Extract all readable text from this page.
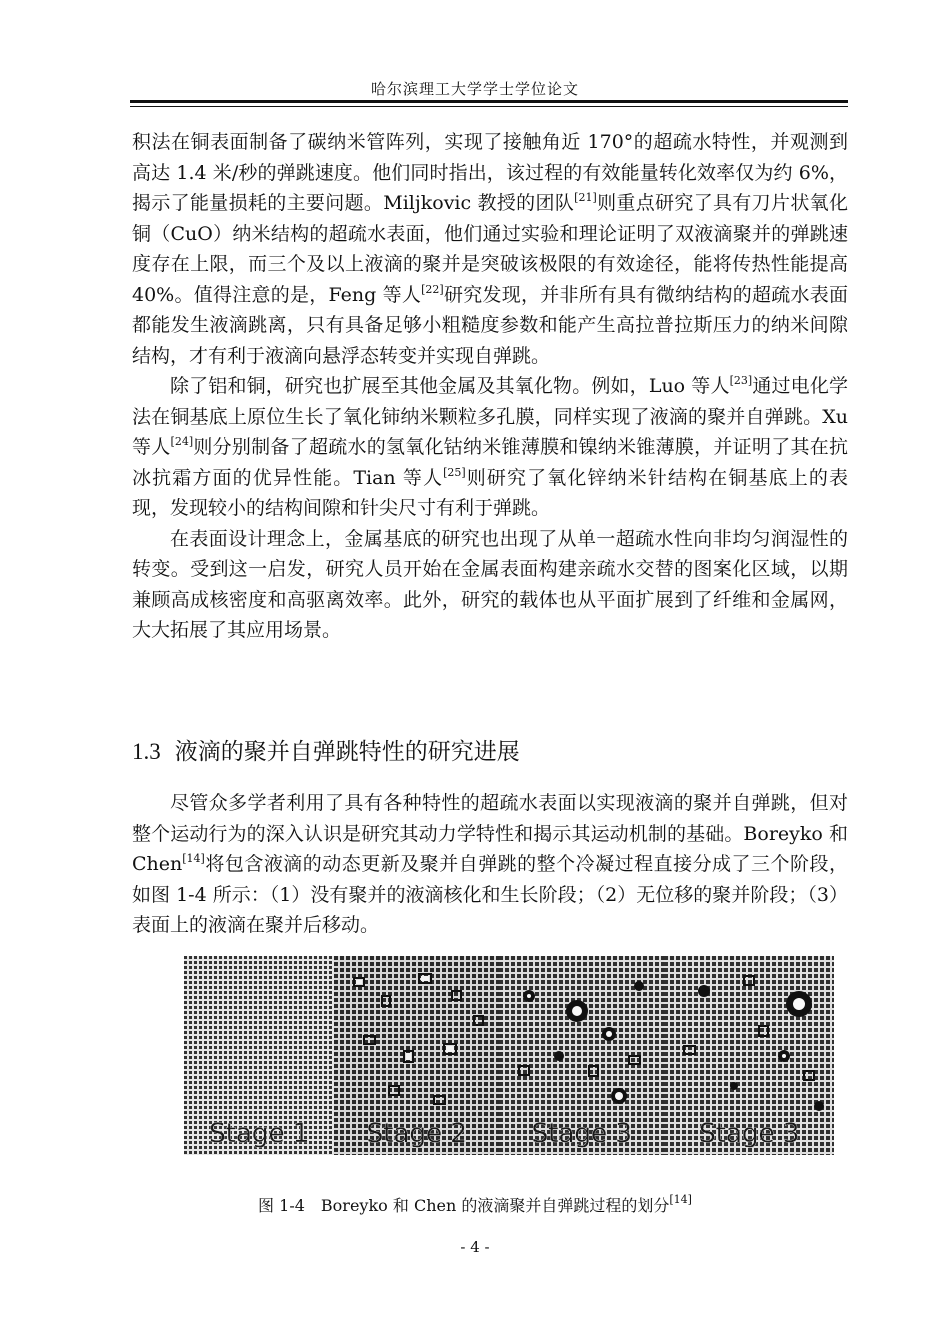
哈尔滨理工大学学士学位论文

积法在铜表面制备了碳纳米管阵列，实现了接触角近 170°的超疏水特性，并观测到高达 1.4 米/秒的弹跳速度。他们同时指出，该过程的有效能量转化效率仅为约 6%，揭示了能量损耗的主要问题。Miljkovic 教授的团队[21]则重点研究了具有刀片状氧化铜（CuO）纳米结构的超疏水表面，他们通过实验和理论证明了双液滴聚并的弹跳速度存在上限，而三个及以上液滴的聚并是突破该极限的有效途径，能将传热性能提高 40%。值得注意的是，Feng 等人[22]研究发现，并非所有具有微纳结构的超疏水表面都能发生液滴跳离，只有具备足够小粗糙度参数和能产生高拉普拉斯压力的纳米间隙结构，才有利于液滴向悬浮态转变并实现自弹跳。

除了铝和铜，研究也扩展至其他金属及其氧化物。例如，Luo 等人[23]通过电化学法在铜基底上原位生长了氧化铈纳米颗粒多孔膜，同样实现了液滴的聚并自弹跳。Xu 等人[24]则分别制备了超疏水的氢氧化钴纳米锥薄膜和镍纳米锥薄膜，并证明了其在抗冰抗霜方面的优异性能。Tian 等人[25]则研究了氧化锌纳米针结构在铜基底上的表现，发现较小的结构间隙和针尖尺寸有利于弹跳。

在表面设计理念上，金属基底的研究也出现了从单一超疏水性向非均匀润湿性的转变。受到这一启发，研究人员开始在金属表面构建亲疏水交替的图案化区域，以期兼顾高成核密度和高驱离效率。此外，研究的载体也从平面扩展到了纤维和金属网，大大拓展了其应用场景。

1.3 液滴的聚并自弹跳特性的研究进展

尽管众多学者利用了具有各种特性的超疏水表面以实现液滴的聚并自弹跳，但对整个运动行为的深入认识是研究其动力学特性和揭示其运动机制的基础。Boreyko 和 Chen[14]将包含液滴的动态更新及聚并自弹跳的整个冷凝过程直接分成了三个阶段，如图 1-4 所示：（1）没有聚并的液滴核化和生长阶段；（2）无位移的聚并阶段；（3）表面上的液滴在聚并后移动。

Stage 1	Stage 2	Stage 3	Stage 3
图 1-4　Boreyko 和 Chen 的液滴聚并自弹跳过程的划分[14]
- 4 -
